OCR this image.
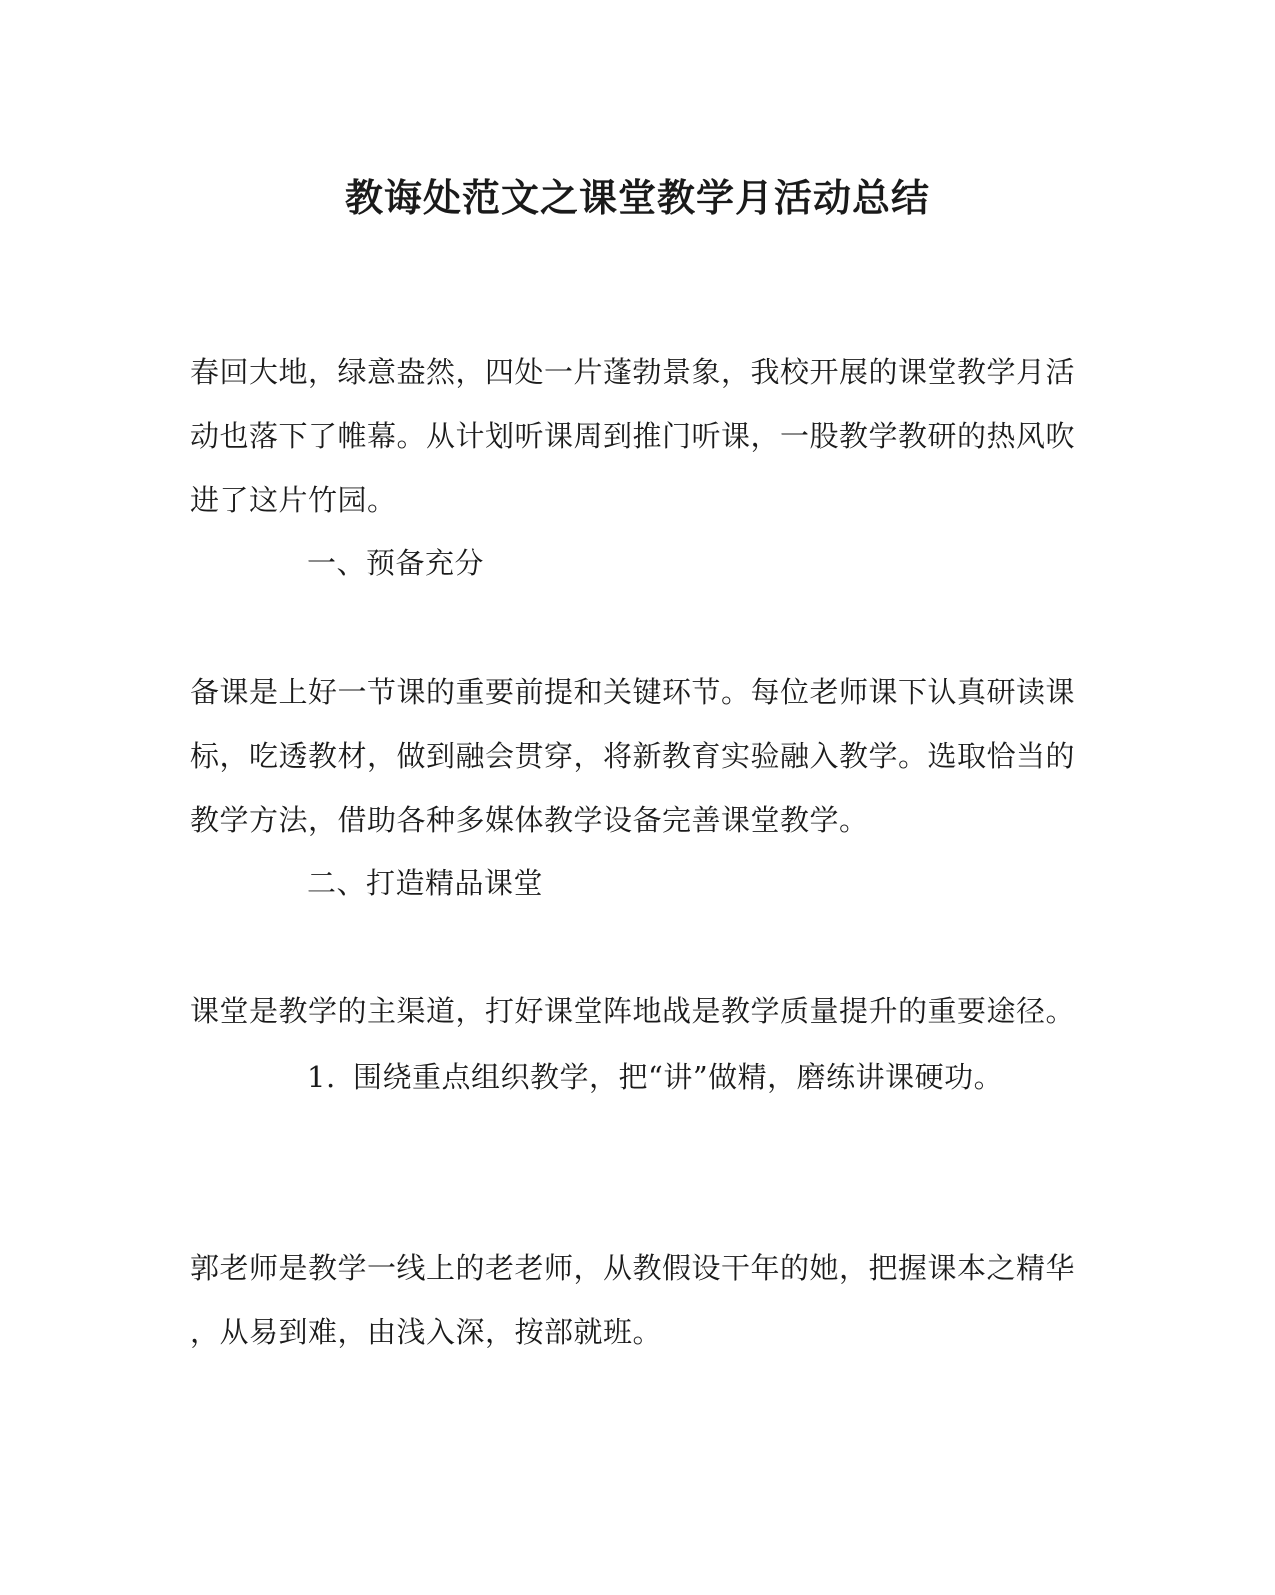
教诲处范文之课堂教学月活动总结

春回大地，绿意盎然，四处一片蓬勃景象，我校开展的课堂教学月活
动也落下了帷幕。从计划听课周到推门听课，一股教学教研的热风吹
进了这片竹园。

一、预备充分

备课是上好一节课的重要前提和关键环节。每位老师课下认真研读课
标，吃透教材，做到融会贯穿，将新教育实验融入教学。选取恰当的
教学方法，借助各种多媒体教学设备完善课堂教学。

二、打造精品课堂

课堂是教学的主渠道，打好课堂阵地战是教学质量提升的重要途径。

1. 围绕重点组织教学，把“讲”做精，磨练讲课硬功。

郭老师是教学一线上的老老师，从教假设干年的她，把握课本之精华
，从易到难，由浅入深，按部就班。
